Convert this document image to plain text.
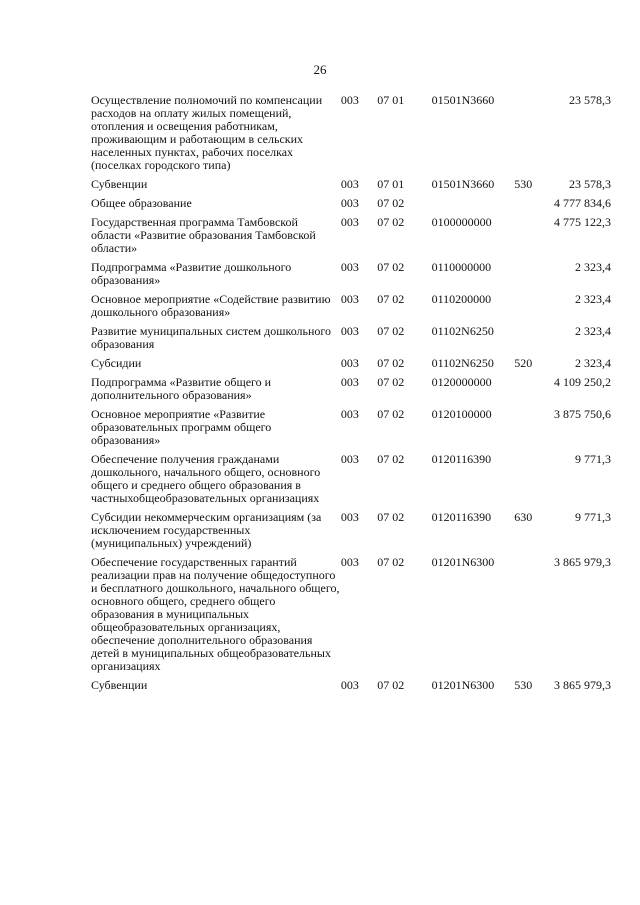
26
Осуществление полномочий по компенсации расходов на оплату жилых помещений, отопления и освещения работникам, проживающим и работающим в сельских населенных пунктах, рабочих поселках (поселках городского типа)	003	07 01	01501N3660		23 578,3
Субвенции	003	07 01	01501N3660	530	23 578,3
Общее образование	003	07 02			4 777 834,6
Государственная программа Тамбовской области «Развитие образования Тамбовской области»	003	07 02	0100000000		4 775 122,3
Подпрограмма «Развитие дошкольного образования»	003	07 02	0110000000		2 323,4
Основное мероприятие «Содействие развитию дошкольного образования»	003	07 02	0110200000		2 323,4
Развитие муниципальных систем дошкольного образования	003	07 02	01102N6250		2 323,4
Субсидии	003	07 02	01102N6250	520	2 323,4
Подпрограмма «Развитие общего и дополнительного образования»	003	07 02	0120000000		4 109 250,2
Основное мероприятие «Развитие образовательных программ общего образования»	003	07 02	0120100000		3 875 750,6
Обеспечение получения гражданами дошкольного, начального общего, основного общего и среднего общего образования в частныхобщеобразовательных организациях	003	07 02	0120116390		9 771,3
Субсидии некоммерческим организациям (за исключением государственных (муниципальных) учреждений)	003	07 02	0120116390	630	9 771,3
Обеспечение государственных гарантий реализации прав на получение общедоступного и бесплатного дошкольного, начального общего, основного общего, среднего общего образования в муниципальных общеобразовательных организациях, обеспечение дополнительного образования детей в муниципальных общеобразовательных организациях	003	07 02	01201N6300		3 865 979,3
Субвенции	003	07 02	01201N6300	530	3 865 979,3
